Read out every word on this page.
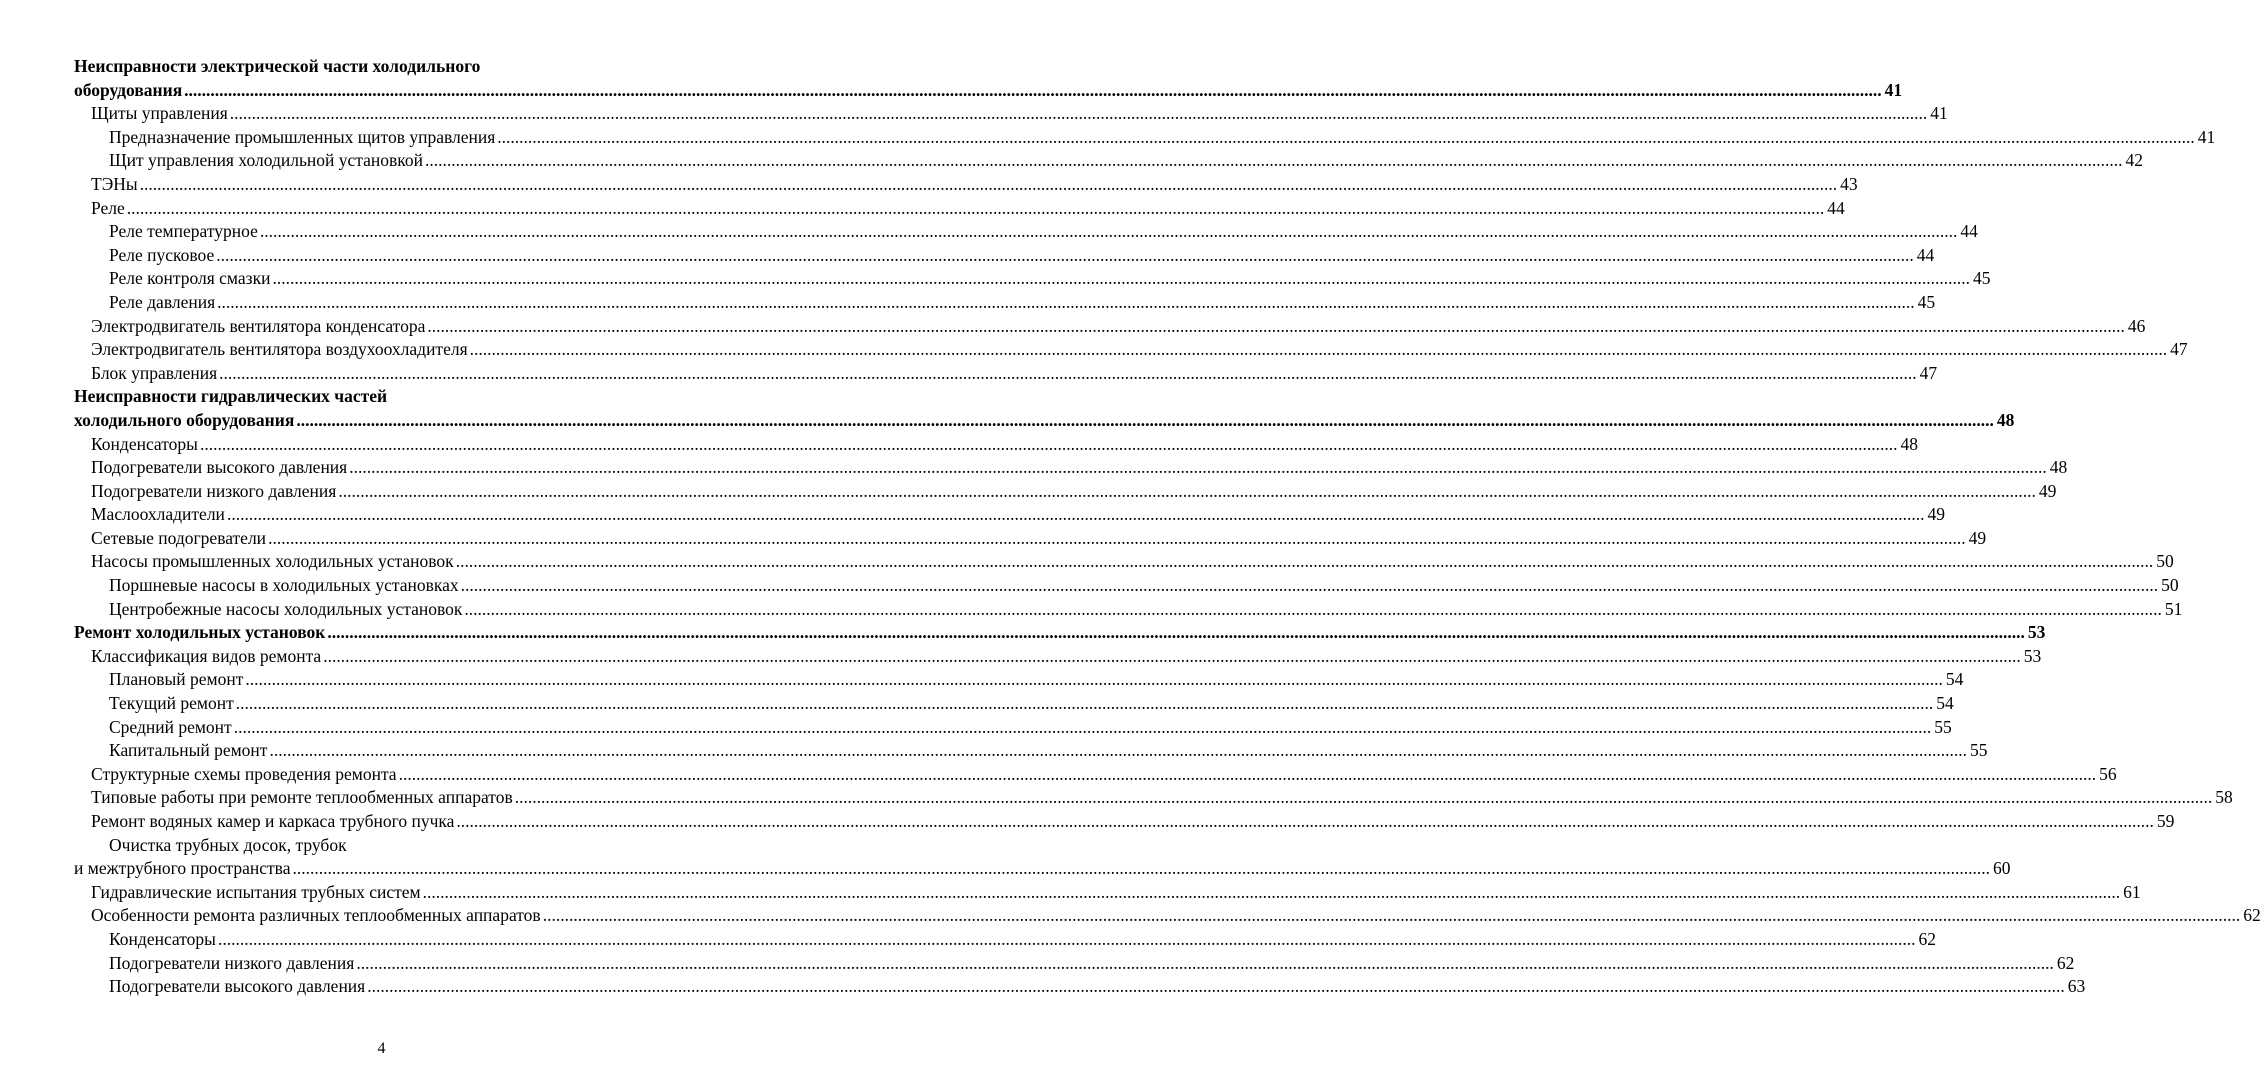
Неисправности электрической части холодильного
оборудования .....	41
Щиты управления .....	41
Предназначение промышленных щитов управления .....	41
Щит управления холодильной установкой .....	42
ТЭНы .....	43
Реле .....	44
Реле температурное .....	44
Реле пусковое .....	44
Реле контроля смазки .....	45
Реле давления .....	45
Электродвигатель вентилятора конденсатора .....	46
Электродвигатель вентилятора воздухоохладителя .....	47
Блок управления .....	47
Неисправности гидравлических частей
холодильного оборудования .....	48
Конденсаторы .....	48
Подогреватели высокого давления .....	48
Подогреватели низкого давления .....	49
Маслоохладители .....	49
Сетевые подогреватели .....	49
Насосы промышленных холодильных установок .....	50
Поршневые насосы в холодильных установках .....	50
Центробежные насосы холодильных установок .....	51
Ремонт холодильных установок .....	53
Классификация видов ремонта .....	53
Плановый ремонт .....	54
Текущий ремонт .....	54
Средний ремонт .....	55
Капитальный ремонт .....	55
Структурные схемы проведения ремонта .....	56
Типовые работы при ремонте теплообменных аппаратов .....	58
Ремонт водяных камер и каркаса трубного пучка .....	59
Очистка трубных досок, трубок
и межтрубного пространства .....	60
Гидравлические испытания трубных систем .....	61
Особенности ремонта различных теплообменных аппаратов .....	62
Конденсаторы .....	62
Подогреватели низкого давления .....	62
Подогреватели высокого давления .....	63
4
